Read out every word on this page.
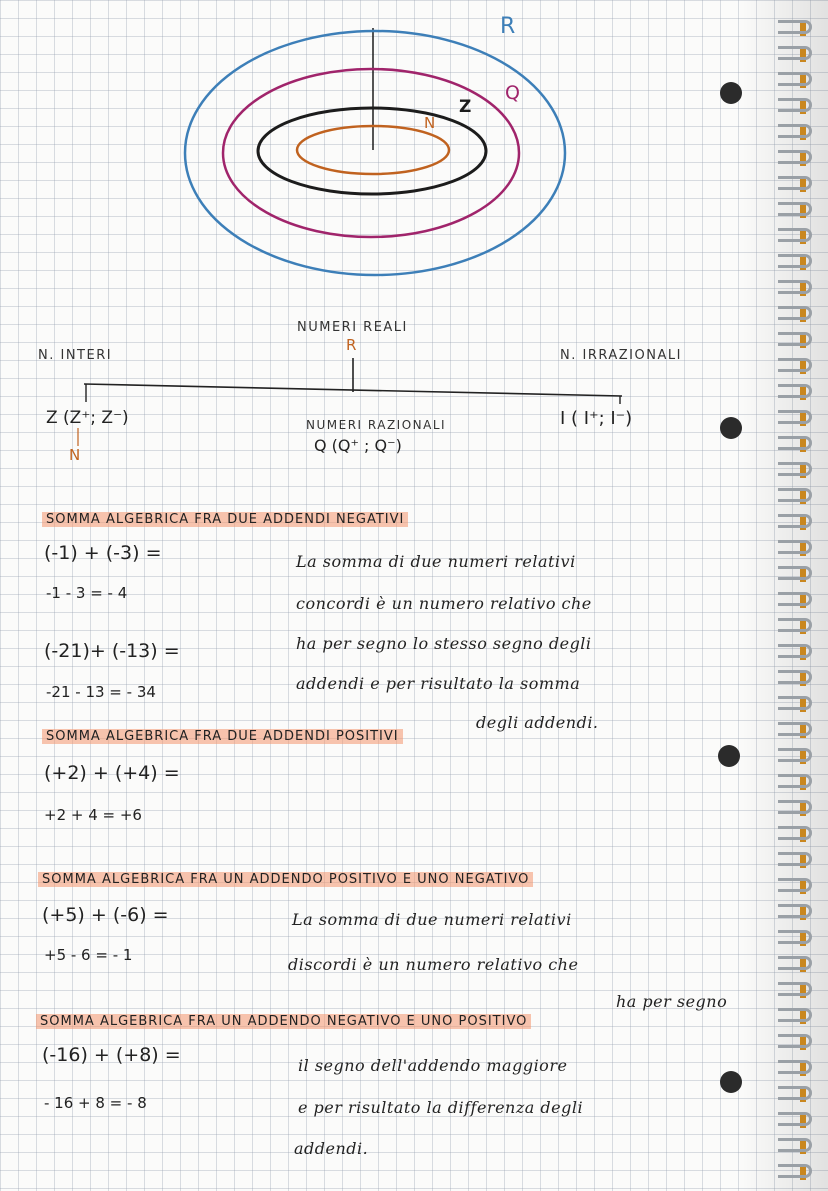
R
Q
Z
N
NUMERI REALI
R
N. INTERI	N. IRRAZIONALI
Z (Z⁺; Z⁻)
N
NUMERI RAZIONALI
Q (Q⁺ ; Q⁻)
I ( I⁺; I⁻)
SOMMA ALGEBRICA FRA DUE ADDENDI NEGATIVI
(-1) + (-3) =
-1 - 3 = - 4
(-21)+ (-13) =
-21 - 13 = - 34
La somma di due numeri relativi
concordi è un numero relativo che
ha per segno lo stesso segno degli
addendi e per risultato la somma
degli addendi.
SOMMA ALGEBRICA FRA DUE ADDENDI POSITIVI
(+2) + (+4) =
+2 + 4 = +6
SOMMA ALGEBRICA FRA UN ADDENDO POSITIVO E UNO NEGATIVO
(+5) + (-6) =
+5 - 6 = - 1
La somma di due numeri relativi
discordi è un numero relativo che
ha per segno
SOMMA ALGEBRICA FRA UN ADDENDO NEGATIVO E UNO POSITIVO
(-16) + (+8) =
- 16 + 8 = - 8
il segno dell'addendo maggiore
e per risultato la differenza degli
addendi.
